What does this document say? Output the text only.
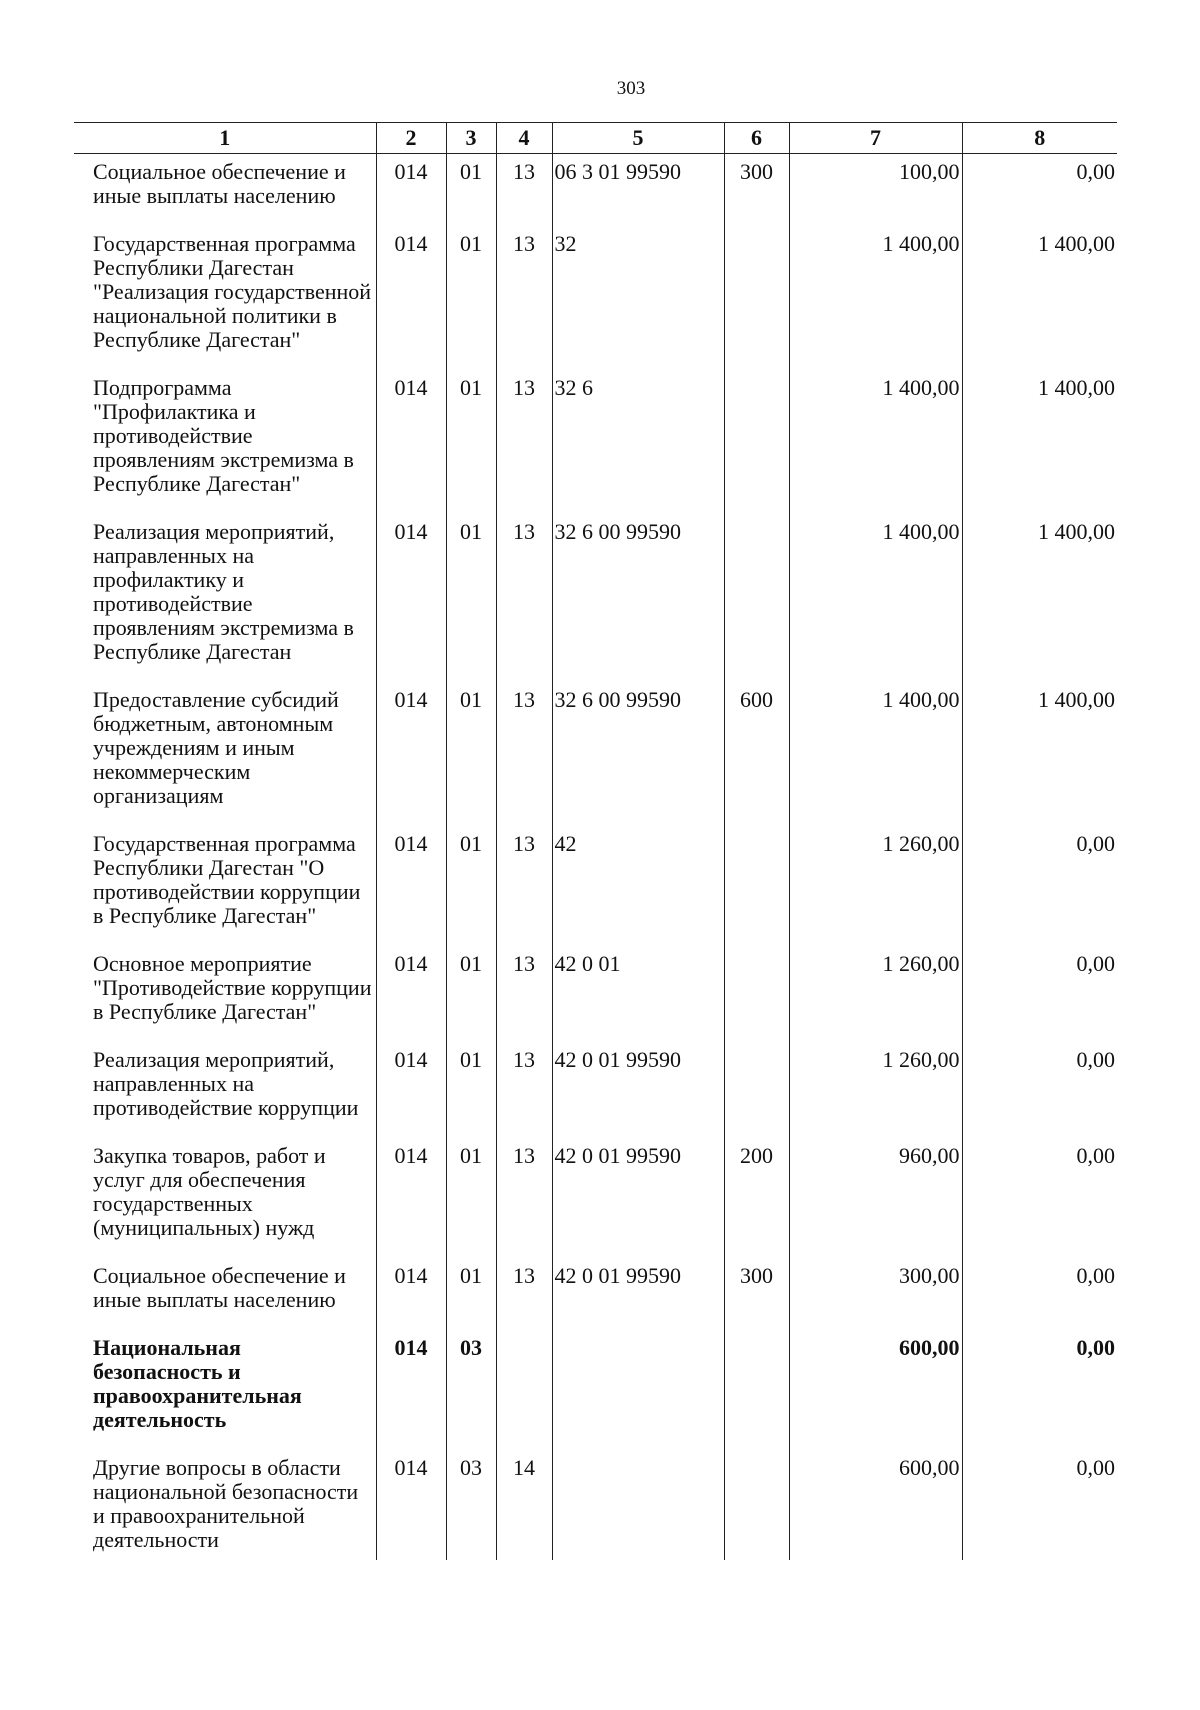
303
1	2	3	4	5	6	7	8
Социальное обеспечение и иные выплаты населению	014	01	13	06 3 01 99590	300	100,00	0,00
Государственная программа Республики Дагестан "Реализация государственной национальной политики в Республике Дагестан"	014	01	13	32		1 400,00	1 400,00
Подпрограмма "Профилактика и противодействие проявлениям экстремизма в Республике Дагестан"	014	01	13	32 6		1 400,00	1 400,00
Реализация мероприятий, направленных на профилактику и противодействие проявлениям экстремизма в Республике Дагестан	014	01	13	32 6 00 99590		1 400,00	1 400,00
Предоставление субсидий бюджетным, автономным учреждениям и иным некоммерческим организациям	014	01	13	32 6 00 99590	600	1 400,00	1 400,00
Государственная программа Республики Дагестан "О противодействии коррупции в Республике Дагестан"	014	01	13	42		1 260,00	0,00
Основное мероприятие "Противодействие коррупции в Республике Дагестан"	014	01	13	42 0 01		1 260,00	0,00
Реализация мероприятий, направленных на противодействие коррупции	014	01	13	42 0 01 99590		1 260,00	0,00
Закупка товаров, работ и услуг для обеспечения государственных (муниципальных) нужд	014	01	13	42 0 01 99590	200	960,00	0,00
Социальное обеспечение и иные выплаты населению	014	01	13	42 0 01 99590	300	300,00	0,00
Национальная безопасность и правоохранительная деятельность	014	03				600,00	0,00
Другие вопросы в области национальной безопасности и правоохранительной деятельности	014	03	14			600,00	0,00
